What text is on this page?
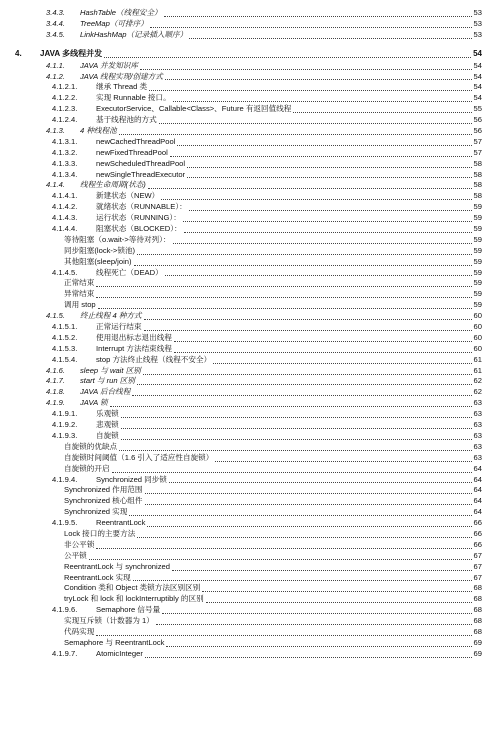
3.4.3. HashTable（线程安全）	53
3.4.4. TreeMap（可排序）	53
3.4.5. LinkHashMap（记录插入顺序）	53
4. JAVA 多线程并发	54
4.1.1. JAVA 并发知识库	54
4.1.2. JAVA 线程实现/创建方式	54
4.1.2.1. 继承 Thread 类	54
4.1.2.2. 实现 Runnable 接口。	54
4.1.2.3. ExecutorService、Callable<Class>、Future 有返回值线程	55
4.1.2.4. 基于线程池的方式	56
4.1.3. 4 种线程池	56
4.1.3.1. newCachedThreadPool	57
4.1.3.2. newFixedThreadPool	57
4.1.3.3. newScheduledThreadPool	58
4.1.3.4. newSingleThreadExecutor	58
4.1.4. 线程生命周期(状态)	58
4.1.4.1. 新建状态（NEW）	58
4.1.4.2. 就绪状态（RUNNABLE）：	59
4.1.4.3. 运行状态（RUNNING）：	59
4.1.4.4. 阻塞状态（BLOCKED）：	59
等待阻塞（o.wait->等待对列）：	59
同步阻塞(lock->锁池)	59
其他阻塞(sleep/join)	59
4.1.4.5. 线程死亡（DEAD）	59
正常结束	59
异常结束	59
调用 stop	59
4.1.5. 终止线程 4 种方式	60
4.1.5.1. 正常运行结束	60
4.1.5.2. 使用退出标志退出线程	60
4.1.5.3. Interrupt 方法结束线程	60
4.1.5.4. stop 方法终止线程（线程不安全）	61
4.1.6. sleep 与 wait 区别	61
4.1.7. start 与 run 区别	62
4.1.8. JAVA 后台线程	62
4.1.9. JAVA 锁	63
4.1.9.1. 乐观锁	63
4.1.9.2. 悲观锁	63
4.1.9.3. 自旋锁	63
自旋锁的优缺点	63
自旋锁时间阈值（1.6 引入了适应性自旋锁）	63
自旋锁的开启	64
4.1.9.4. Synchronized 同步锁	64
Synchronized 作用范围	64
Synchronized 核心组件	64
Synchronized 实现	64
4.1.9.5. ReentrantLock	66
Lock 接口的主要方法	66
非公平锁	66
公平锁	67
ReentrantLock 与 synchronized	67
ReentrantLock 实现	67
Condition 类和 Object 类锁方法区别区别	68
tryLock 和 lock 和 lockInterruptibly 的区别	68
4.1.9.6. Semaphore 信号量	68
实现互斥锁（计数器为 1）	68
代码实现	68
Semaphore 与 ReentrantLock	69
4.1.9.7. AtomicInteger	69
